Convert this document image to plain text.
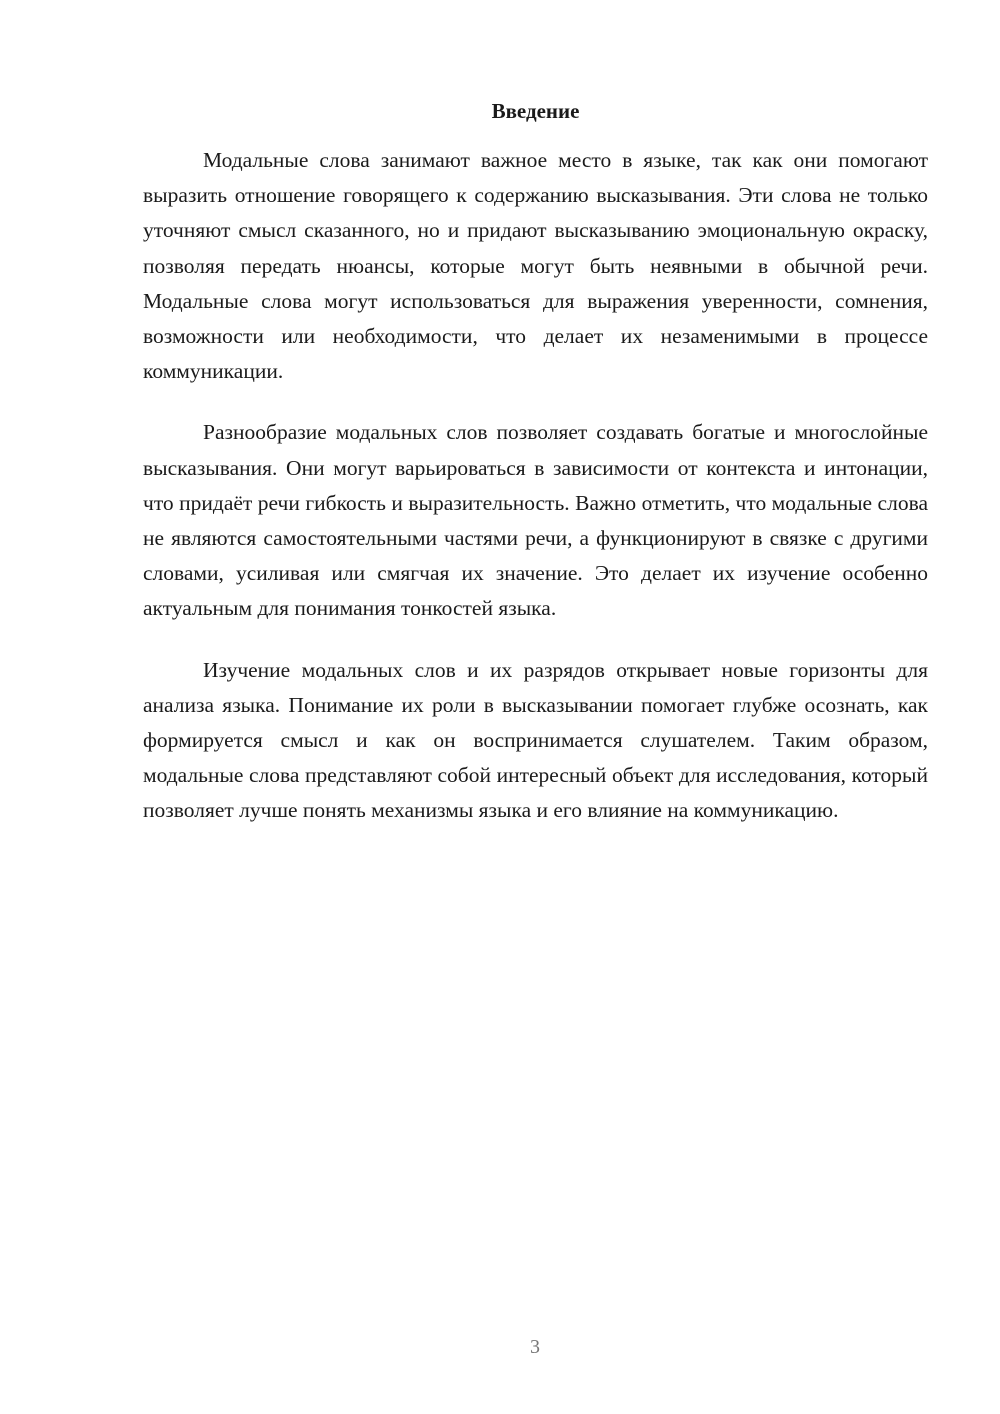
Введение

Модальные слова занимают важное место в языке, так как они помогают выразить отношение говорящего к содержанию высказывания. Эти слова не только уточняют смысл сказанного, но и придают высказыванию эмоциональную окраску, позволяя передать нюансы, которые могут быть неявными в обычной речи. Модальные слова могут использоваться для выражения уверенности, сомнения, возможности или необходимости, что делает их незаменимыми в процессе коммуникации.

Разнообразие модальных слов позволяет создавать богатые и многослойные высказывания. Они могут варьироваться в зависимости от контекста и интонации, что придаёт речи гибкость и выразительность. Важно отметить, что модальные слова не являются самостоятельными частями речи, а функционируют в связке с другими словами, усиливая или смягчая их значение. Это делает их изучение особенно актуальным для понимания тонкостей языка.

Изучение модальных слов и их разрядов открывает новые горизонты для анализа языка. Понимание их роли в высказывании помогает глубже осознать, как формируется смысл и как он воспринимается слушателем. Таким образом, модальные слова представляют собой интересный объект для исследования, который позволяет лучше понять механизмы языка и его влияние на коммуникацию.

3
